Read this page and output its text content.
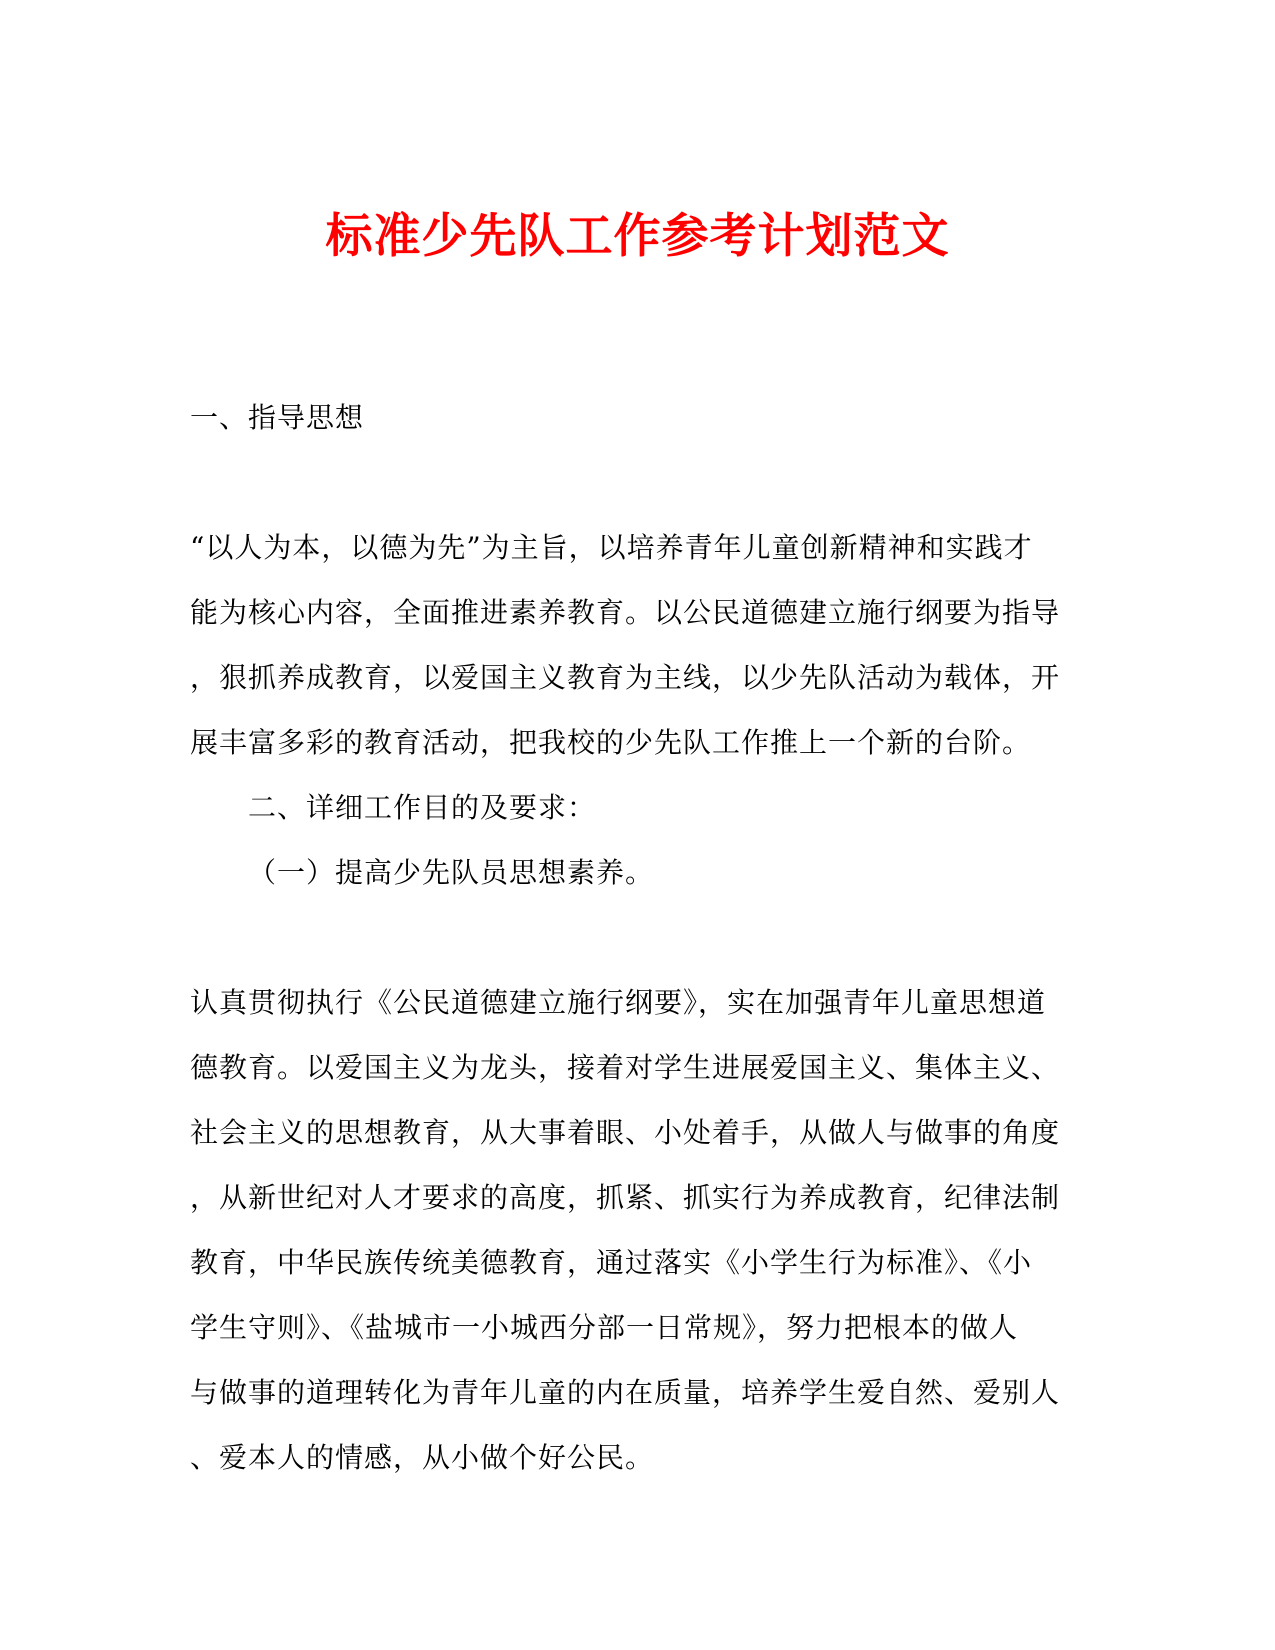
标准少先队工作参考计划范文

一、指导思想

“以人为本，以德为先”为主旨，以培养青年儿童创新精神和实践才
能为核心内容，全面推进素养教育。以公民道德建立施行纲要为指导
，狠抓养成教育，以爱国主义教育为主线，以少先队活动为载体，开
展丰富多彩的教育活动，把我校的少先队工作推上一个新的台阶。

二、详细工作目的及要求：

（一）提高少先队员思想素养。

认真贯彻执行《公民道德建立施行纲要》，实在加强青年儿童思想道
德教育。以爱国主义为龙头，接着对学生进展爱国主义、集体主义、
社会主义的思想教育，从大事着眼、小处着手，从做人与做事的角度
，从新世纪对人才要求的高度，抓紧、抓实行为养成教育，纪律法制
教育，中华民族传统美德教育，通过落实《小学生行为标准》、《小
学生守则》、《盐城市一小城西分部一日常规》，努力把根本的做人
与做事的道理转化为青年儿童的内在质量，培养学生爱自然、爱别人
、爱本人的情感，从小做个好公民。
